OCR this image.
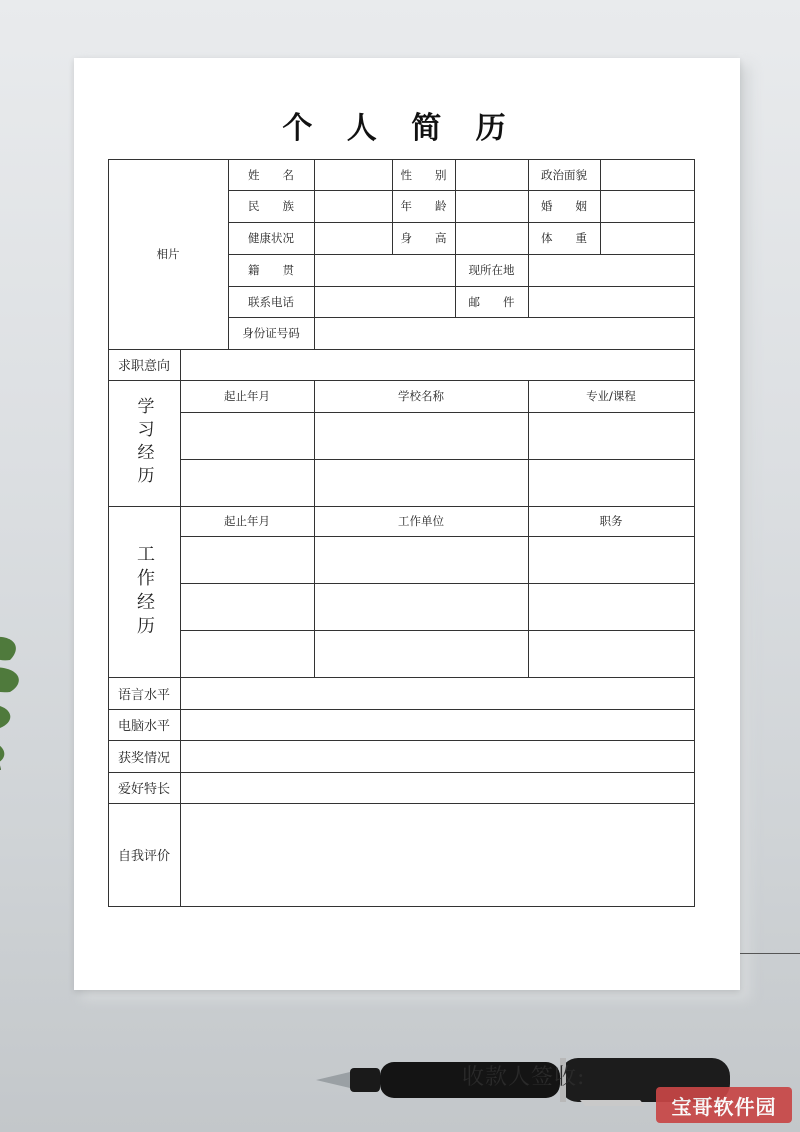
个 人 简 历
相片
姓　　名	性　　别	政治面貌
民　　族	年　　龄	婚　　姻
健康状况	身　　高	体　　重
籍　　贯	现所在地
联系电话	邮　　件
身份证号码
求职意向
学习经历
起止年月	学校名称	专业/课程
工作经历
起止年月	工作单位	职务
语言水平
电脑水平
获奖情况
爱好特长
自我评价
收款人签收:
宝哥软件园
